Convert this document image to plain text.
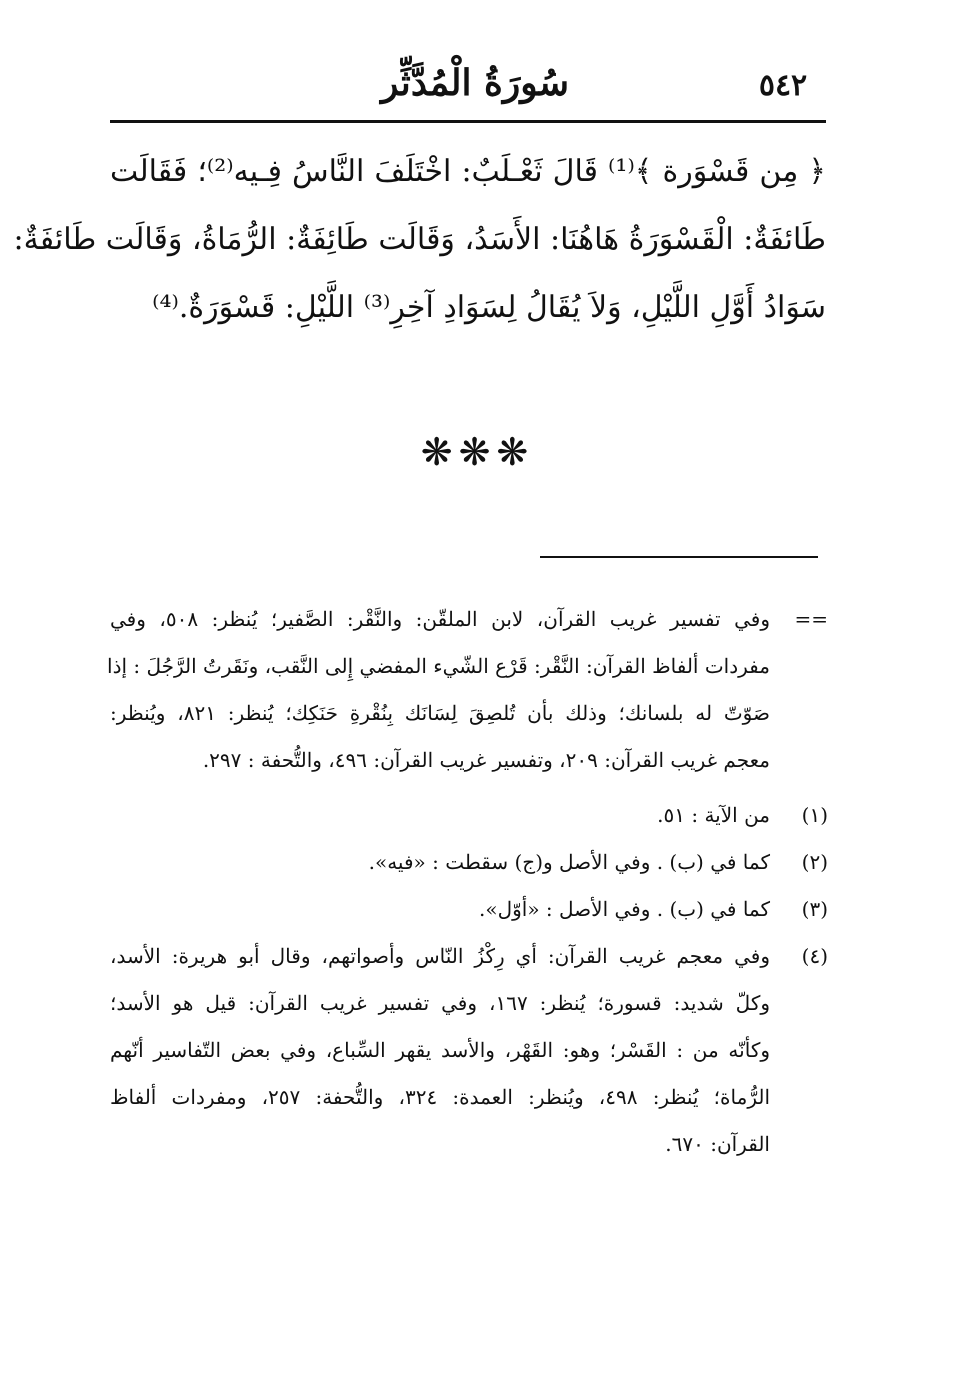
سُورَةُ الْمُدَّثِّر	٥٤٢
﴿ مِن قَسْوَرة ﴾⁽¹⁾ قَالَ ثَعْـلَبٌ: اخْتَلَفَ النَّاسُ فِـيه⁽²⁾؛ فَقَالَت
طَائفَةٌ: الْقَسْوَرَةُ هَاهُنَا: الأَسَدُ، وَقَالَت طَائِفَةٌ: الرُّمَاةُ، وَقَالَت طَائفَةٌ:
سَوَادُ أَوَّلِ اللَّيْلِ، وَلاَ يُقَالُ لِسَوَادِ آخِرِ⁽³⁾ اللَّيْلِ: قَسْوَرَةٌ.⁽⁴⁾
❋❋❋
==
وفي تفسير غريب القرآن، لابن الملقّن: والنَّقْر: الصَّفير؛ يُنظر: ٥٠٨، وفي
مفردات ألفاظ القرآن: النَّقْر: قَرْع الشّيء المفضي إِلى النَّقب، ونَقَرتُ الرَّجُلَ : إذا
صَوّتّ له بلسانك؛ وذلك بأن تُلصِقَ لِسَانَك بِنُقْرةِ حَنَكِك؛ يُنظر: ٨٢١، ويُنظر:
معجم غريب القرآن: ٢٠٩، وتفسير غريب القرآن: ٤٩٦، والتُّحفة : ٢٩٧.
(١)
من الآية : ٥١.
(٢)
كما في (ب) . وفي الأصل و(ج) سقطت : «فيه».
(٣)
كما في (ب) . وفي الأصل : «أوّل».
(٤)
وفي معجم غريب القرآن: أي رِكْزُ النّاس وأصواتهم، وقال أبو هريرة: الأسد،
وكلّ شديد: قسورة؛ يُنظر: ١٦٧، وفي تفسير غريب القرآن: قيل هو الأسد؛
وكأنّه من : القَسْر؛ وهو: القَهْر، والأسد يقهر السِّباع، وفي بعض التّفاسير أنّهم
الرُّماة؛ يُنظر: ٤٩٨، ويُنظر: العمدة: ٣٢٤، والتُّحفة: ٢٥٧، ومفردات ألفاظ
القرآن: ٦٧٠.
